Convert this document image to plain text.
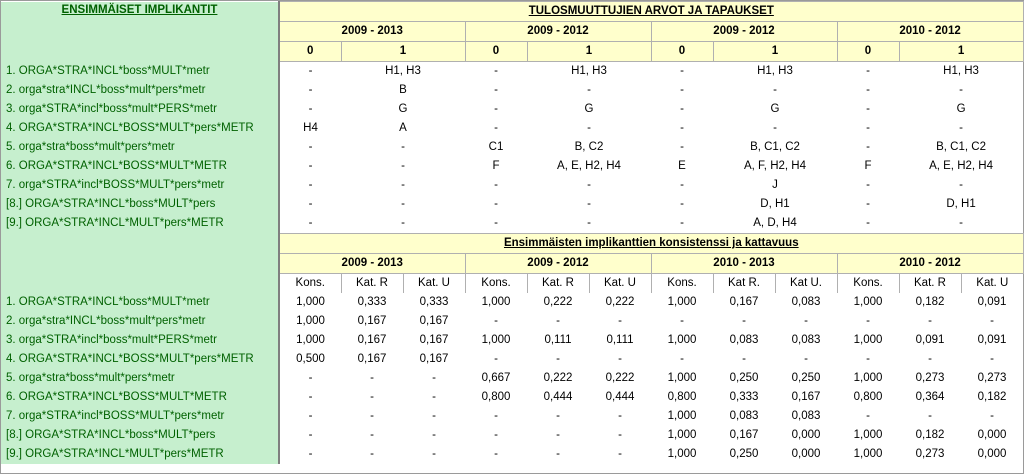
ENSIMMÄISET IMPLIKANTIT	TULOSMUUTTUJIEN ARVOT JA TAPAUKSET											
	2009 - 2013			2009 - 2012			2009 - 2012			2010 - 2012		
	0	1		0	1		0	1		0	1	
1. ORGA*STRA*INCL*boss*MULT*metr	-	H1, H3		-	H1, H3		-	H1, H3		-	H1, H3	
2. orga*stra*INCL*boss*mult*pers*metr	-	B		-	-		-	-		-	-	
3. orga*STRA*incl*boss*mult*PERS*metr	-	G		-	G		-	G		-	G	
4. ORGA*STRA*INCL*BOSS*MULT*pers*METR	H4	A		-	-		-	-		-	-	
5. orga*stra*boss*mult*pers*metr	-	-		C1	B, C2		-	B, C1, C2		-	B, C1, C2	
6. ORGA*STRA*INCL*BOSS*MULT*METR	-	-		F	A, E, H2, H4		E	A, F, H2, H4		F	A, E, H2, H4	
7. orga*STRA*incl*BOSS*MULT*pers*metr	-	-		-	-		-	J		-	-	
[8.] ORGA*STRA*INCL*boss*MULT*pers	-	-		-	-		-	D, H1		-	D, H1	
[9.] ORGA*STRA*INCL*MULT*pers*METR	-	-		-	-		-	A, D, H4		-	-	
	Ensimmäisten implikanttien konsistenssi ja kattavuus											
	2009 - 2013			2009 - 2012			2010 - 2013			2010 - 2012		
	Kons.	Kat. R	Kat. U	Kons.	Kat. R	Kat. U	Kons.	Kat R.	Kat U.	Kons.	Kat. R	Kat. U
1. ORGA*STRA*INCL*boss*MULT*metr	1,000	0,333	0,333	1,000	0,222	0,222	1,000	0,167	0,083	1,000	0,182	0,091
2. orga*stra*INCL*boss*mult*pers*metr	1,000	0,167	0,167	-	-	-	-	-	-	-	-	-
3. orga*STRA*incl*boss*mult*PERS*metr	1,000	0,167	0,167	1,000	0,111	0,111	1,000	0,083	0,083	1,000	0,091	0,091
4. ORGA*STRA*INCL*BOSS*MULT*pers*METR	0,500	0,167	0,167	-	-	-	-	-	-	-	-	-
5. orga*stra*boss*mult*pers*metr	-	-	-	0,667	0,222	0,222	1,000	0,250	0,250	1,000	0,273	0,273
6. ORGA*STRA*INCL*BOSS*MULT*METR	-	-	-	0,800	0,444	0,444	0,800	0,333	0,167	0,800	0,364	0,182
7. orga*STRA*incl*BOSS*MULT*pers*metr	-	-	-	-	-	-	1,000	0,083	0,083	-	-	-
[8.] ORGA*STRA*INCL*boss*MULT*pers	-	-	-	-	-	-	1,000	0,167	0,000	1,000	0,182	0,000
[9.] ORGA*STRA*INCL*MULT*pers*METR	-	-	-	-	-	-	1,000	0,250	0,000	1,000	0,273	0,000
